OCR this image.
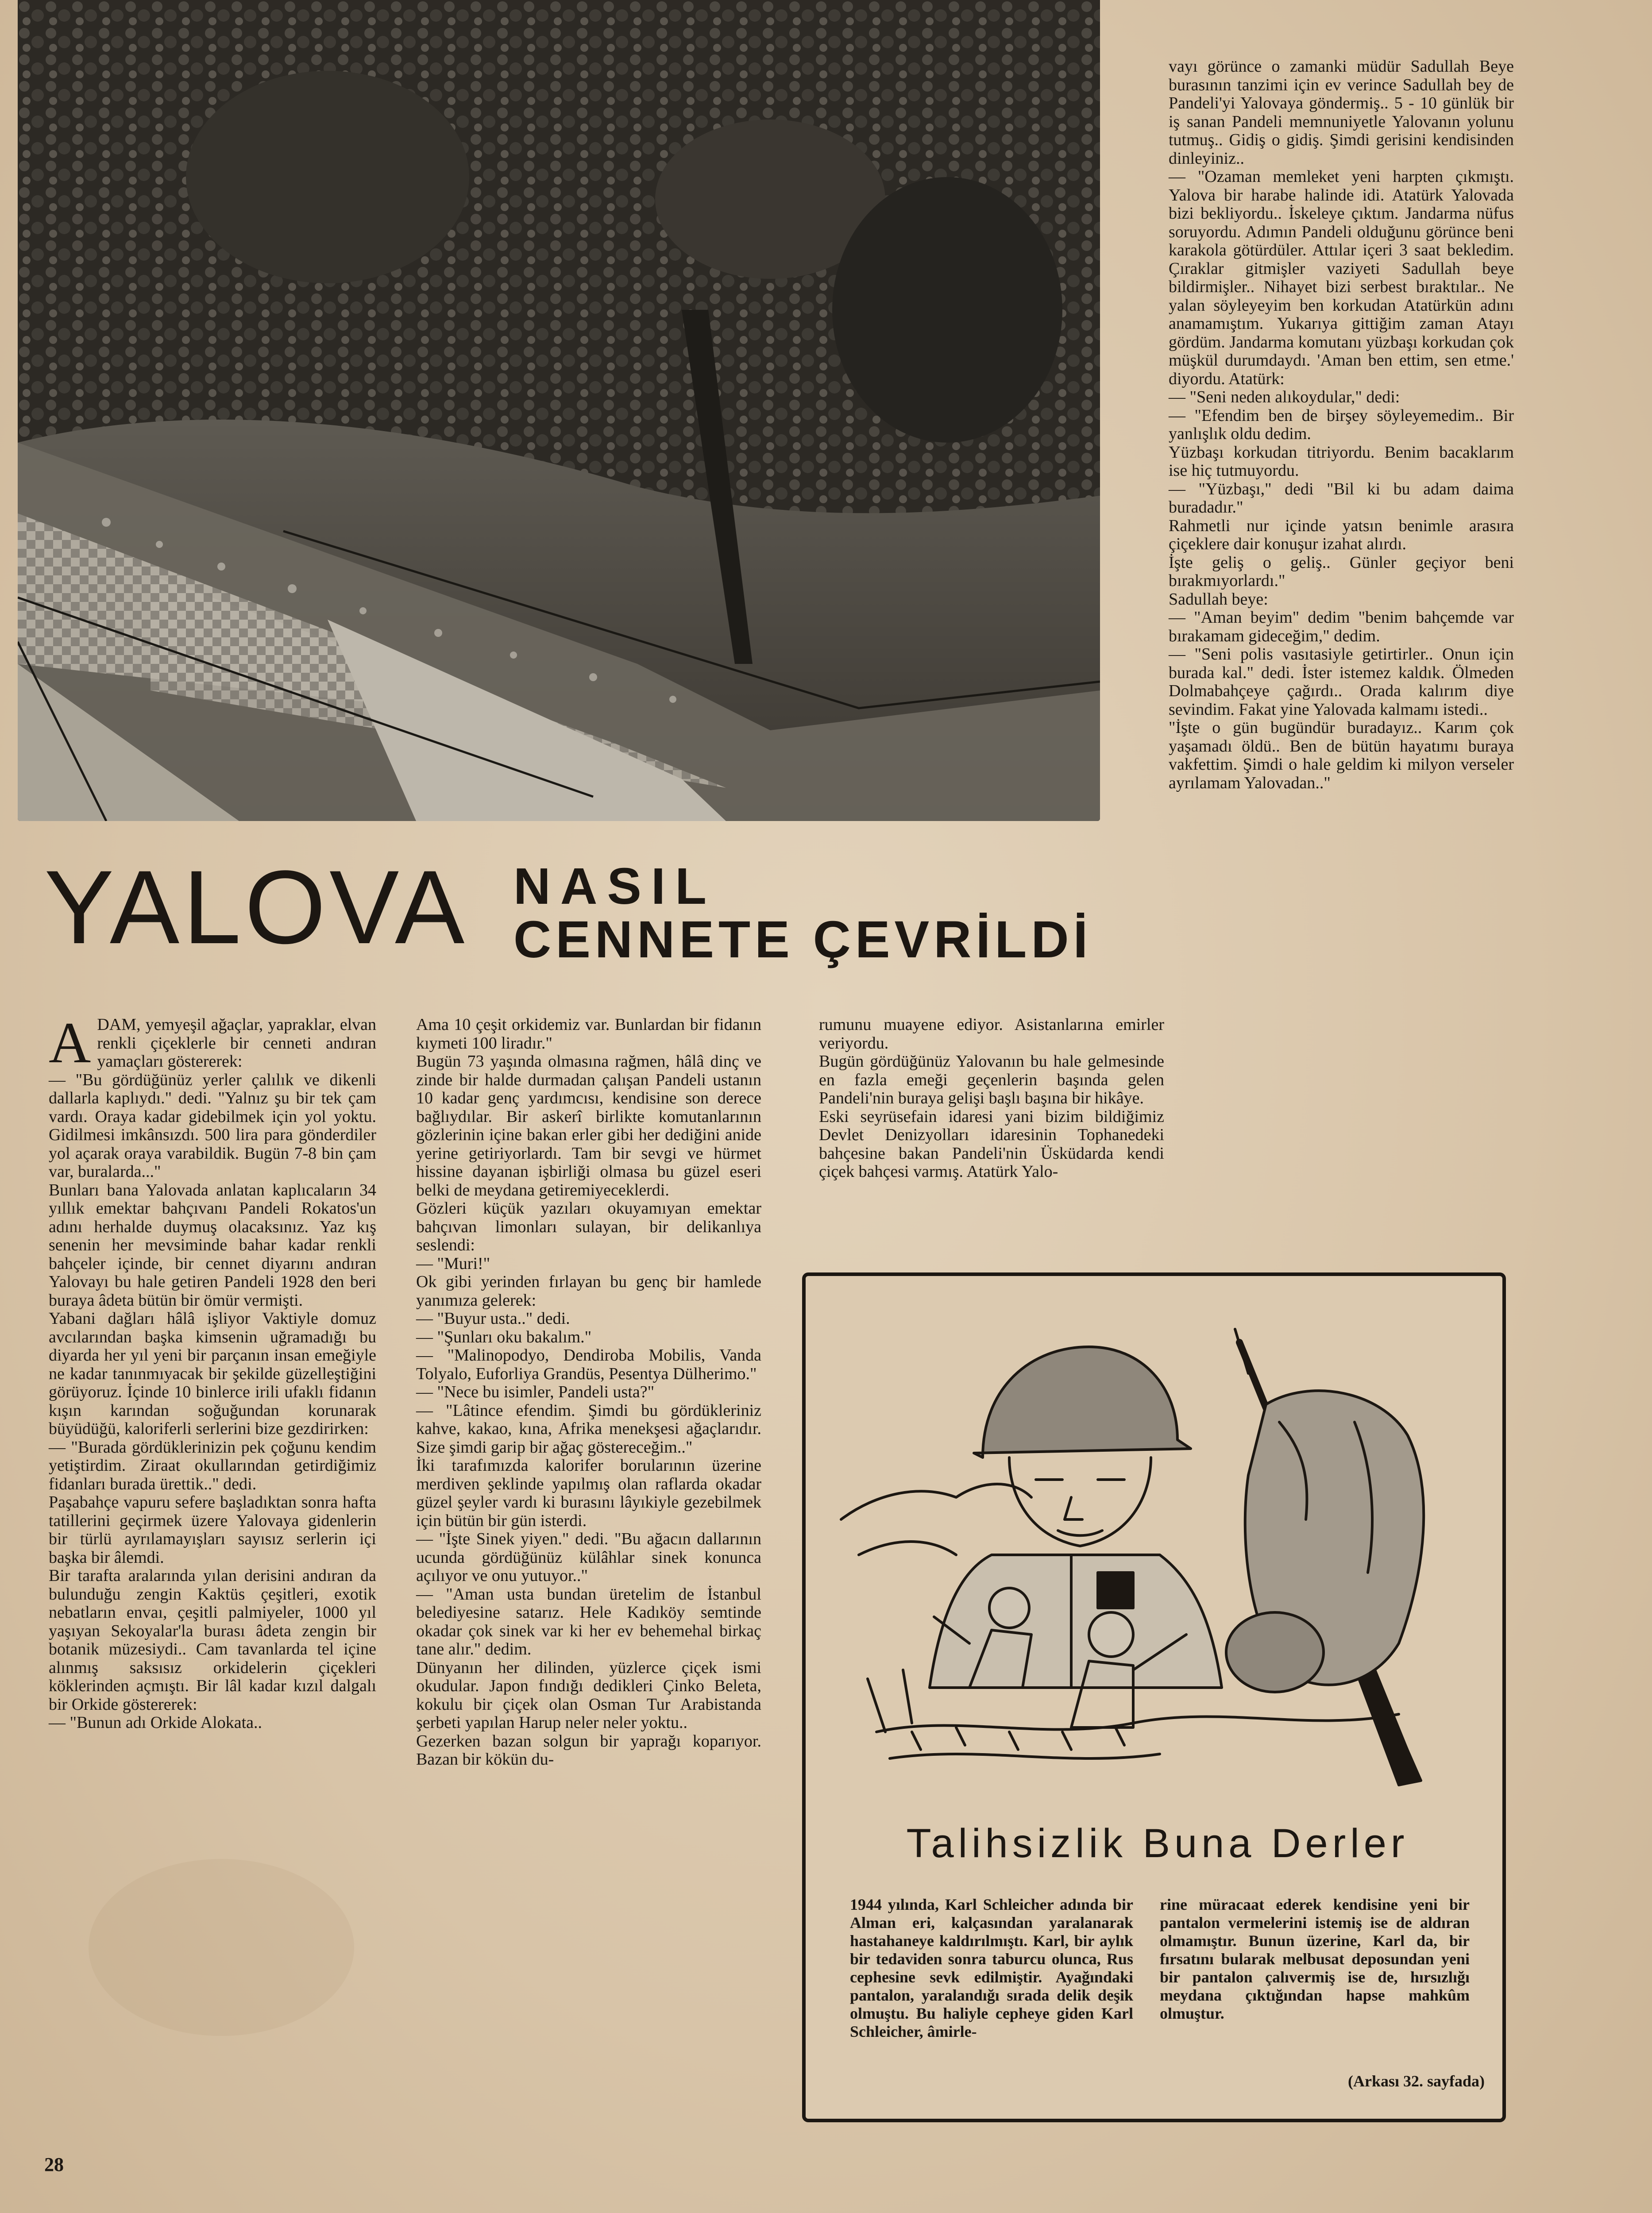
YALOVA NASIL
CENNETE ÇEVRİLDİ

ADAM, yemyeşil ağaçlar, yapraklar, elvan renkli çiçeklerle bir cenneti andıran yamaçları göstererek:

— "Bu gördüğünüz yerler çalılık ve dikenli dallarla kaplıydı." dedi. "Yalnız şu bir tek çam vardı. Oraya kadar gidebilmek için yol yoktu. Gidilmesi imkânsızdı. 500 lira para gönderdiler yol açarak oraya varabildik. Bugün 7-8 bin çam var, buralarda..."

Bunları bana Yalovada anlatan kaplıcaların 34 yıllık emektar bahçıvanı Pandeli Rokatos'un adını herhalde duymuş olacaksınız. Yaz kış senenin her mevsiminde bahar kadar renkli bahçeler içinde, bir cennet diyarını andıran Yalovayı bu hale getiren Pandeli 1928 den beri buraya âdeta bütün bir ömür vermişti.

Yabani dağları hâlâ işliyor Vaktiyle domuz avcılarından başka kimsenin uğramadığı bu diyarda her yıl yeni bir parçanın insan emeğiyle ne kadar tanınmıyacak bir şekilde güzelleştiğini görüyoruz. İçinde 10 binlerce irili ufaklı fidanın kışın karından soğuğundan korunarak büyüdüğü, kaloriferli serlerini bize gezdirirken:

— "Burada gördüklerinizin pek çoğunu kendim yetiştirdim. Ziraat okullarından getirdiğimiz fidanları burada ürettik.." dedi.

Paşabahçe vapuru sefere başladıktan sonra hafta tatillerini geçirmek üzere Yalovaya gidenlerin bir türlü ayrılamayışları sayısız serlerin içi başka bir âlemdi.

Bir tarafta aralarında yılan derisini andıran da bulunduğu zengin Kaktüs çeşitleri, exotik nebatların envaı, çeşitli palmiyeler, 1000 yıl yaşıyan Sekoyalar'la burası âdeta zengin bir botanik müzesiydi.. Cam tavanlarda tel içine alınmış saksısız orkidelerin çiçekleri köklerinden açmıştı. Bir lâl kadar kızıl dalgalı bir Orkide göstererek:

— "Bunun adı Orkide Alokata..

Ama 10 çeşit orkidemiz var. Bunlardan bir fidanın kıymeti 100 liradır."

Bugün 73 yaşında olmasına rağmen, hâlâ dinç ve zinde bir halde durmadan çalışan Pandeli ustanın 10 kadar genç yardımcısı, kendisine son derece bağlıydılar. Bir askerî birlikte komutanlarının gözlerinin içine bakan erler gibi her dediğini anide yerine getiriyorlardı. Tam bir sevgi ve hürmet hissine dayanan işbirliği olmasa bu güzel eseri belki de meydana getiremiyeceklerdi.

Gözleri küçük yazıları okuyamıyan emektar bahçıvan limonları sulayan, bir delikanlıya seslendi:

— "Muri!"

Ok gibi yerinden fırlayan bu genç bir hamlede yanımıza gelerek:

— "Buyur usta.." dedi.

— "Şunları oku bakalım."

— "Malinopodyo, Dendiroba Mobilis, Vanda Tolyalo, Euforliya Grandüs, Pesentya Dülherimo."

— "Nece bu isimler, Pandeli usta?"

— "Lâtince efendim. Şimdi bu gördükleriniz kahve, kakao, kına, Afrika menekşesi ağaçlarıdır. Size şimdi garip bir ağaç göstereceğim.."

İki tarafımızda kalorifer borularının üzerine merdiven şeklinde yapılmış olan raflarda okadar güzel şeyler vardı ki burasını lâyıkiyle gezebilmek için bütün bir gün isterdi.

— "İşte Sinek yiyen." dedi. "Bu ağacın dallarının ucunda gördüğünüz külâhlar sinek konunca açılıyor ve onu yutuyor.."

— "Aman usta bundan üretelim de İstanbul belediyesine satarız. Hele Kadıköy semtinde okadar çok sinek var ki her ev behemehal birkaç tane alır." dedim.

Dünyanın her dilinden, yüzlerce çiçek ismi okudular. Japon fındığı dedikleri Çinko Beleta, kokulu bir çiçek olan Osman Tur Arabistanda şerbeti yapılan Harup neler neler yoktu..

Gezerken bazan solgun bir yaprağı koparıyor. Bazan bir kökün du-

rumunu muayene ediyor. Asistanlarına emirler veriyordu.

Bugün gördüğünüz Yalovanın bu hale gelmesinde en fazla emeği geçenlerin başında gelen Pandeli'nin buraya gelişi başlı başına bir hikâye.

Eski seyrüsefain idaresi yani bizim bildiğimiz Devlet Denizyolları idaresinin Tophanedeki bahçesine bakan Pandeli'nin Üsküdarda kendi çiçek bahçesi varmış. Atatürk Yalo-

vayı görünce o zamanki müdür Sadullah Beye burasının tanzimi için ev verince Sadullah bey de Pandeli'yi Yalovaya göndermiş.. 5 - 10 günlük bir iş sanan Pandeli memnuniyetle Yalovanın yolunu tutmuş.. Gidiş o gidiş. Şimdi gerisini kendisinden dinleyiniz..

— "Ozaman memleket yeni harpten çıkmıştı. Yalova bir harabe halinde idi. Atatürk Yalovada bizi bekliyordu.. İskeleye çıktım. Jandarma nüfus soruyordu. Adımın Pandeli olduğunu görünce beni karakola götürdüler. Attılar içeri 3 saat bekledim. Çıraklar gitmişler vaziyeti Sadullah beye bildirmişler.. Nihayet bizi serbest bıraktılar.. Ne yalan söyleyeyim ben korkudan Atatürkün adını anamamıştım. Yukarıya gittiğim zaman Atayı gördüm. Jandarma komutanı yüzbaşı korkudan çok müşkül durumdaydı. 'Aman ben ettim, sen etme.' diyordu. Atatürk:

— "Seni neden alıkoydular," dedi:

— "Efendim ben de birşey söyleyemedim.. Bir yanlışlık oldu dedim.

Yüzbaşı korkudan titriyordu. Benim bacaklarım ise hiç tutmuyordu.

— "Yüzbaşı," dedi "Bil ki bu adam daima buradadır."

Rahmetli nur içinde yatsın benimle arasıra çiçeklere dair konuşur izahat alırdı.

İşte geliş o geliş.. Günler geçiyor beni bırakmıyorlardı."

Sadullah beye:

— "Aman beyim" dedim "benim bahçemde var bırakamam gideceğim," dedim.

— "Seni polis vasıtasiyle getirtirler.. Onun için burada kal." dedi. İster istemez kaldık. Ölmeden Dolmabahçeye çağırdı.. Orada kalırım diye sevindim. Fakat yine Yalovada kalmamı istedi..

"İşte o gün bugündür buradayız.. Karım çok yaşamadı öldü.. Ben de bütün hayatımı buraya vakfettim. Şimdi o hale geldim ki milyon verseler ayrılamam Yalovadan.."

Talihsizlik Buna Derler
1944 yılında, Karl Schleicher adında bir Alman eri, kalçasından yaralanarak hastahaneye kaldırılmıştı. Karl, bir aylık bir tedaviden sonra taburcu olunca, Rus cephesine sevk edilmiştir. Ayağındaki pantalon, yaralandığı sırada delik deşik olmuştu. Bu haliyle cepheye giden Karl Schleicher, âmirle-
rine müracaat ederek kendisine yeni bir pantalon vermelerini istemiş ise de aldıran olmamıştır. Bunun üzerine, Karl da, bir fırsatını bularak melbusat deposundan yeni bir pantalon çalıvermiş ise de, hırsızlığı meydana çıktığından hapse mahkûm olmuştur.
(Arkası 32. sayfada)
28
